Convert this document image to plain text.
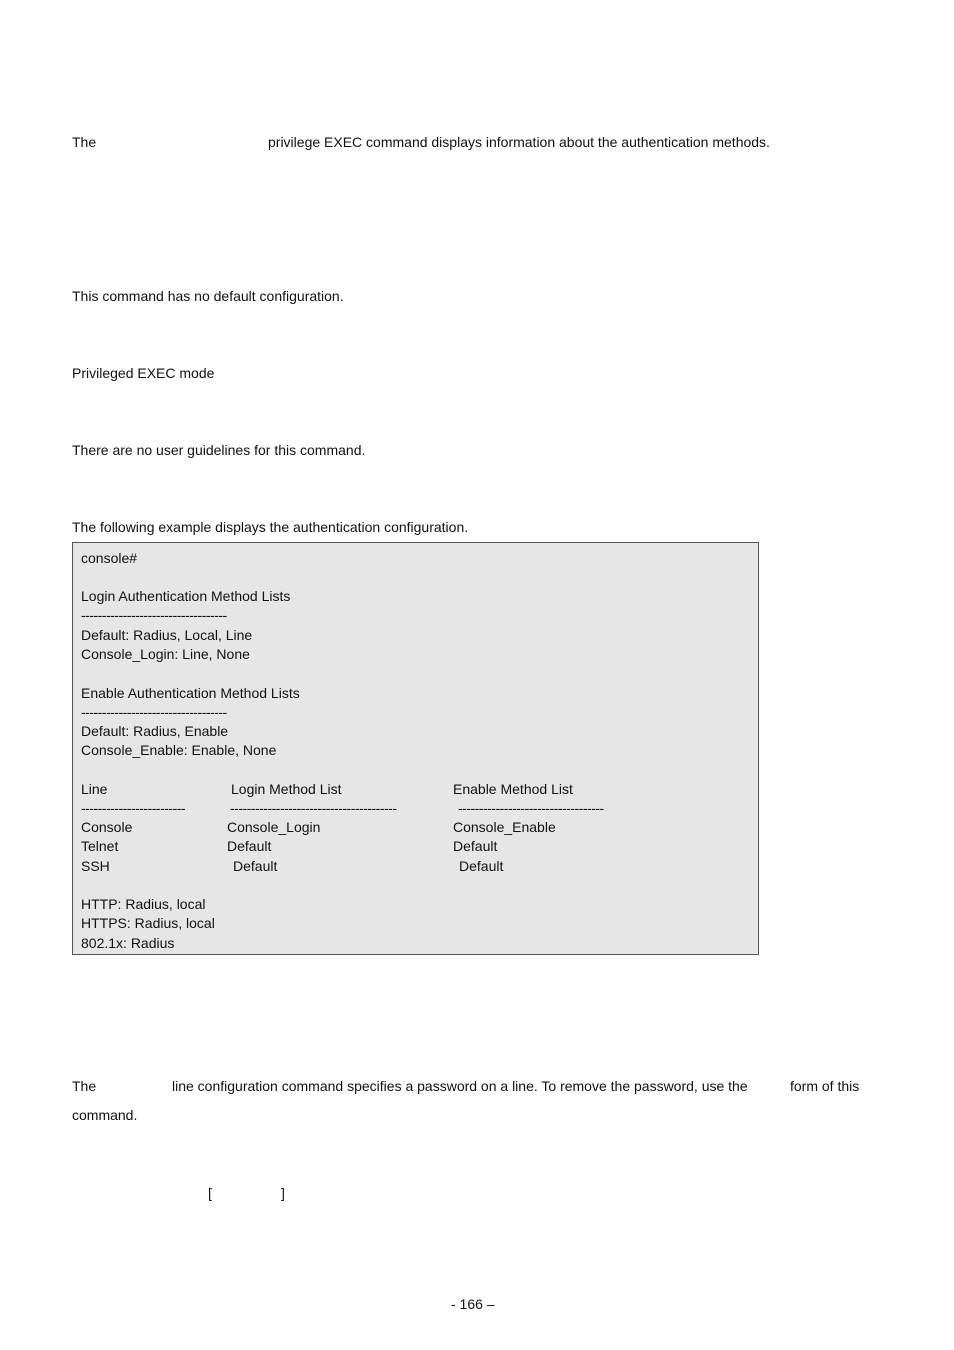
The	privilege EXEC command displays information about the authentication methods.
This command has no default configuration.
Privileged EXEC mode
There are no user guidelines for this command.
The following example displays the authentication configuration.
console#
Login Authentication Method Lists
-----------------------------------
Default: Radius, Local, Line
Console_Login: Line, None
Enable Authentication Method Lists
-----------------------------------
Default: Radius, Enable
Console_Enable: Enable, None
Line	Login Method List	Enable Method List
-------------------------	----------------------------------------	-----------------------------------
Console	Console_Login	Console_Enable
Telnet	Default	Default
SSH	Default	Default
HTTP: Radius, local
HTTPS: Radius, local
802.1x: Radius
The	line configuration command specifies a password on a line. To remove the password, use the	form of this
command.
[	]
- 166 –
